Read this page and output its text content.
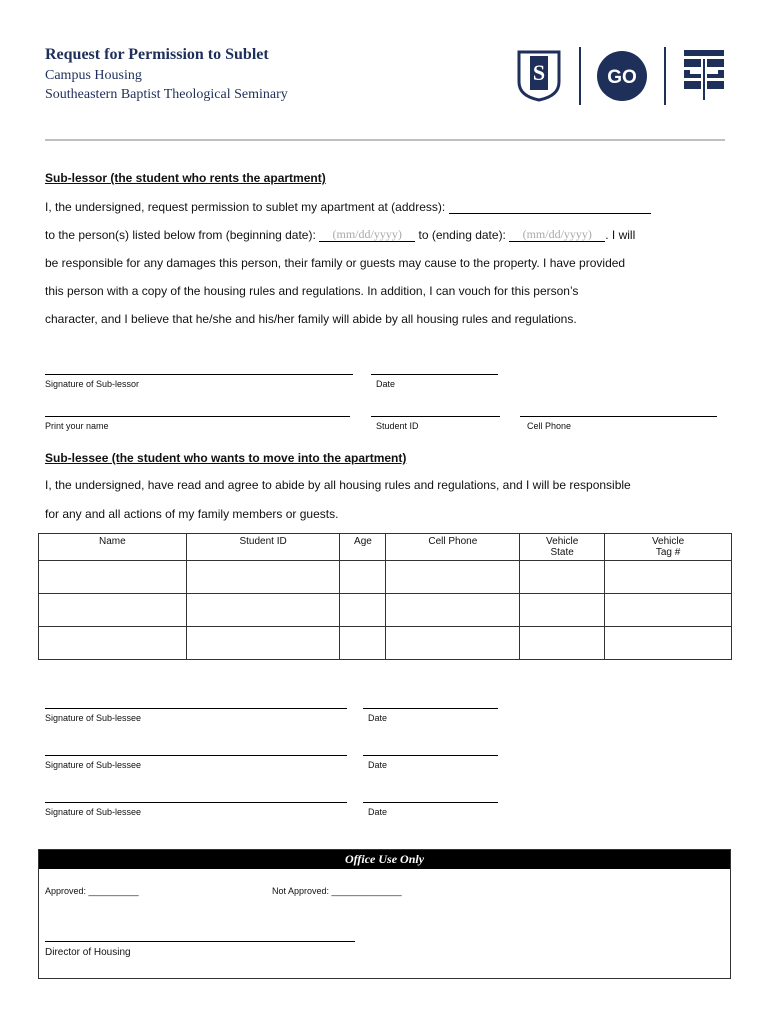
Request for Permission to Sublet
Campus Housing
Southeastern Baptist Theological Seminary
S	GO
Sub-lessor (the student who rents the apartment)
I, the undersigned, request permission to sublet my apartment at (address):
to the person(s) listed below from (beginning date): (mm/dd/yyyy) to (ending date): (mm/dd/yyyy) . I will
be responsible for any damages this person, their family or guests may cause to the property. I have provided
this person with a copy of the housing rules and regulations. In addition, I can vouch for this person’s
character, and I believe that he/she and his/her family will abide by all housing rules and regulations.
Signature of Sub-lessor	Date
Print your name	Student ID	Cell Phone
Sub-lessee (the student who wants to move into the apartment)
I, the undersigned, have read and agree to abide by all housing rules and regulations, and I will be responsible
for any and all actions of my family members or guests.
Name	Student ID	Age	Cell Phone	Vehicle State	Vehicle Tag #

Signature of Sub-lessee	Date
Signature of Sub-lessee	Date
Signature of Sub-lessee	Date
Office Use Only
Approved: __________	Not Approved: ______________
Director of Housing
